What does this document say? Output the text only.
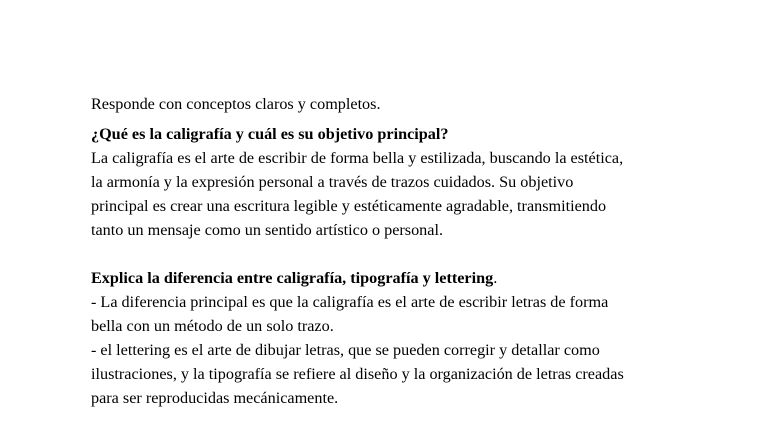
Responde con conceptos claros y completos.
¿Qué es la caligrafía y cuál es su objetivo principal?
La caligrafía es el arte de escribir de forma bella y estilizada, buscando la estética,
la armonía y la expresión personal a través de trazos cuidados. Su objetivo
principal es crear una escritura legible y estéticamente agradable, transmitiendo
tanto un mensaje como un sentido artístico o personal.
Explica la diferencia entre caligrafía, tipografía y lettering.
- La diferencia principal es que la caligrafía es el arte de escribir letras de forma
bella con un método de un solo trazo.
- el lettering es el arte de dibujar letras, que se pueden corregir y detallar como
ilustraciones, y la tipografía se refiere al diseño y la organización de letras creadas
para ser reproducidas mecánicamente.
